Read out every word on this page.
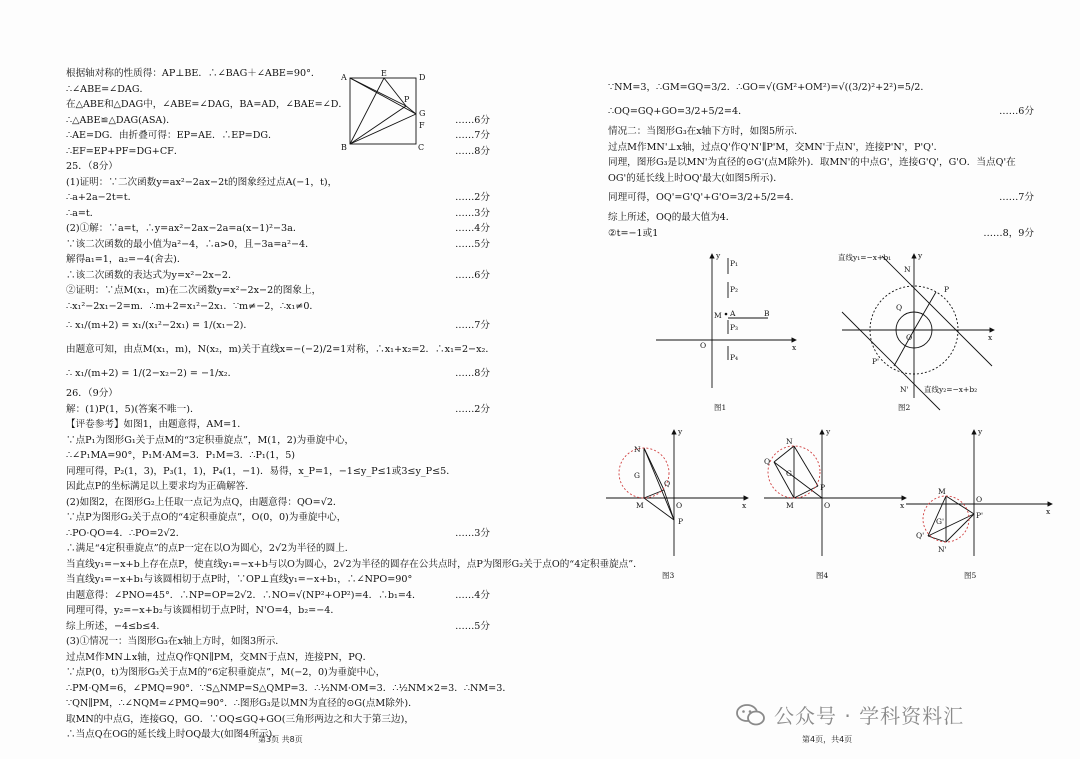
根据轴对称的性质得：AP⊥BE．∴∠BAG＋∠ABE=90°．
∴∠ABE=∠DAG．
在△ABE和△DAG中，∠ABE=∠DAG，BA=AD，∠BAE=∠D．
∴△ABE≌△DAG(ASA)．	……6分
∴AE=DG．由折叠可得：EP=AE．∴EP=DG．	……7分
∴EF=EP+PF=DG+CF．	……8分
25．（8分）
(1)证明：∵二次函数y=ax²−2ax−2t的图象经过点A(−1，t)，
∴a+2a−2t=t．	……2分
∴a=t．	……3分
(2)①解：∵a=t，∴y=ax²−2ax−2a=a(x−1)²−3a．	……4分
∵该二次函数的最小值为a²−4，∴a>0，且−3a=a²−4．	……5分
解得a₁=1，a₂=−4(舍去)．
∴该二次函数的表达式为y=x²−2x−2．	……6分
②证明：∵点M(x₁，m)在二次函数y=x²−2x−2的图象上，
∴x₁²−2x₁−2=m．∴m+2=x₁²−2x₁．∵m≠−2，∴x₁≠0．
∴ x₁/(m+2) = x₁/(x₁²−2x₁) = 1/(x₁−2)．	……7分
由题意可知，由点M(x₁，m)，N(x₂，m)关于直线x=−(−2)/2=1对称，∴x₁+x₂=2．∴x₁=2−x₂．
∴ x₁/(m+2) = 1/(2−x₂−2) = −1/x₂．	……8分
26．（9分）
解：(1)P(1，5)(答案不唯一)．	……2分
【评卷参考】如图1，由题意得，AM=1．
∵点P₁为图形G₁关于点M的“3定积垂旋点”，M(1，2)为垂旋中心，
∴∠P₁MA=90°，P₁M·AM=3．P₁M=3．∴P₁(1，5)
同理可得，P₂(1，3)，P₃(1，1)，P₄(1，−1)．易得，x_P=1，−1≤y_P≤1或3≤y_P≤5．
因此点P的坐标满足以上要求均为正确解答．
(2)如图2，在图形G₂上任取一点记为点Q，由题意得：QO=√2．
∵点P为图形G₂关于点O的“4定积垂旋点”，O(0，0)为垂旋中心，
∴PO·QO=4．∴PO=2√2．	……3分
∴满足“4定积垂旋点”的点P一定在以O为圆心，2√2为半径的圆上．
当直线y₁=−x+b上存在点P，使直线y₁=−x+b与以O为圆心，2√2为半径的圆存在公共点时，点P为图形G₂关于点O的“4定积垂旋点”．
当直线y₁=−x+b₁与该圆相切于点P时，∵OP⊥直线y₁=−x+b₁，∴∠NPO=90°
由题意得：∠PNO=45°．∴NP=OP=2√2．∴NO=√(NP²+OP²)=4．∴b₁=4．	……4分
同理可得，y₂=−x+b₂与该圆相切于点P时，N'O=4，b₂=−4．
综上所述，−4≤b≤4．	……5分
(3)①情况一：当图形G₃在x轴上方时，如图3所示．
过点M作MN⊥x轴，过点Q作QN∥PM，交MN于点N，连接PN，PQ．
∵点P(0，t)为图形G₃关于点M的“6定积垂旋点”，M(−2，0)为垂旋中心，
∴PM·QM=6，∠PMQ=90°．∵S△NMP=S△QMP=3．∴½NM·OM=3．∴½NM×2=3．∴NM=3．
∵QN∥PM，∴∠NQM=∠PMQ=90°．∴图形G₃是以MN为直径的⊙G(点M除外)．
取MN的中点G，连接GQ，GO．∵OQ≤GQ+GO(三角形两边之和大于第三边)，
∴当点Q在OG的延长线上时OQ最大(如图4所示)．
A	E	D
P
G
F
B	C
∵NM=3，∴GM=GQ=3/2．∴GO=√(GM²+OM²)=√((3/2)²+2²)=5/2．
∴OQ=GQ+GO=3/2+5/2=4．	……6分
情况二：当图形G₃在x轴下方时，如图5所示．
过点M作MN'⊥x轴，过点Q'作Q'N'∥P'M，交MN'于点N'，连接P'N'，P'Q'．
同理，图形G₃是以MN'为直径的⊙G'(点M除外)．取MN'的中点G'，连接G'Q'，G'O．当点Q'在OG'的延长线上时OQ'最大(如图5所示)．
同理可得，OQ'=G'Q'+G'O=3/2+5/2=4．	……7分
综上所述，OQ的最大值为4．
②t=−1或1	……8，9分
y
P₁
P₂
M A	B
P₃
O	x
P₄
图1
直线y₁=−x+b₁	y
N
P
Q
O	x
P'
N' 直线y₂=−x+b₂
图2
N
y
G
Q
M	O	x
P
图3
N
y
Q
G
M	O	x
P
图4
y
M
O
x
G'
P'
Q'
N'
图5
公众号 · 学科资料汇
第3页 共8页	第4页，共4页
